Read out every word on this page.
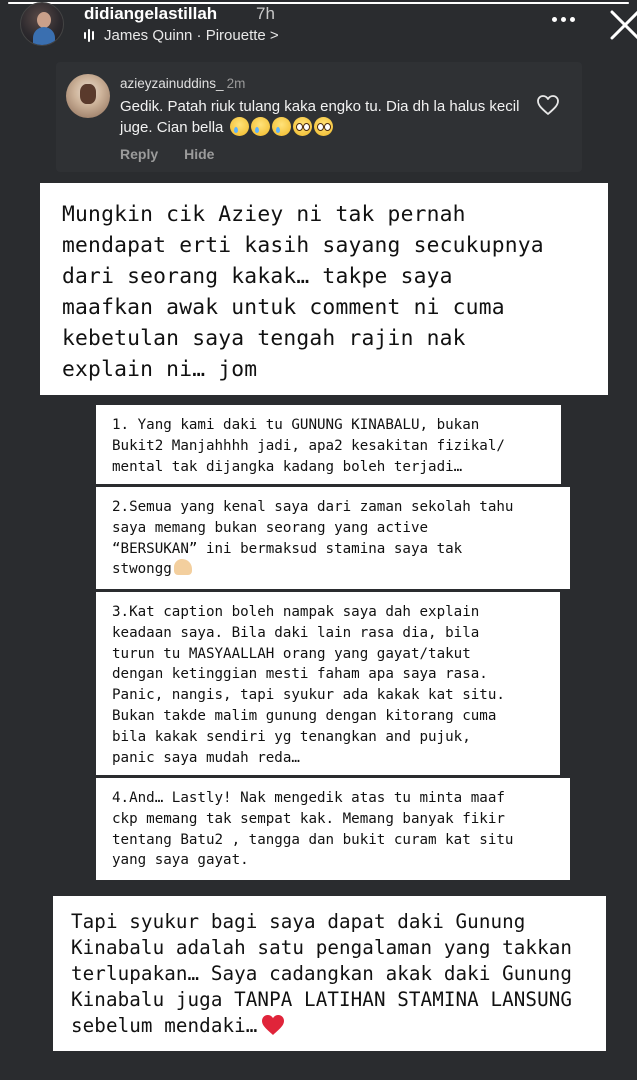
didiangelastillah 7h
James Quinn · Pirouette >
azieyzainuddins_ 2m
Gedik. Patah riuk tulang kaka engko tu. Dia dh la halus kecil juge. Cian bella
Reply Hide

Mungkin cik Aziey ni tak pernah
mendapat erti kasih sayang secukupnya
dari seorang kakak… takpe saya
maafkan awak untuk comment ni cuma
kebetulan saya tengah rajin nak
explain ni… jom

1. Yang kami daki tu GUNUNG KINABALU, bukan
Bukit2 Manjahhhh jadi, apa2 kesakitan fizikal/
mental tak dijangka kadang boleh terjadi…

2.Semua yang kenal saya dari zaman sekolah tahu
saya memang bukan seorang yang active
“BERSUKAN” ini bermaksud stamina saya tak
stwongg

3.Kat caption boleh nampak saya dah explain
keadaan saya. Bila daki lain rasa dia, bila
turun tu MASYAALLAH orang yang gayat/takut
dengan ketinggian mesti faham apa saya rasa.
Panic, nangis, tapi syukur ada kakak kat situ.
Bukan takde malim gunung dengan kitorang cuma
bila kakak sendiri yg tenangkan and pujuk,
panic saya mudah reda…

4.And… Lastly! Nak mengedik atas tu minta maaf
ckp memang tak sempat kak. Memang banyak fikir
tentang Batu2 , tangga dan bukit curam kat situ
yang saya gayat.

Tapi syukur bagi saya dapat daki Gunung
Kinabalu adalah satu pengalaman yang takkan
terlupakan… Saya cadangkan akak daki Gunung
Kinabalu juga TANPA LATIHAN STAMINA LANSUNG
sebelum mendaki…
